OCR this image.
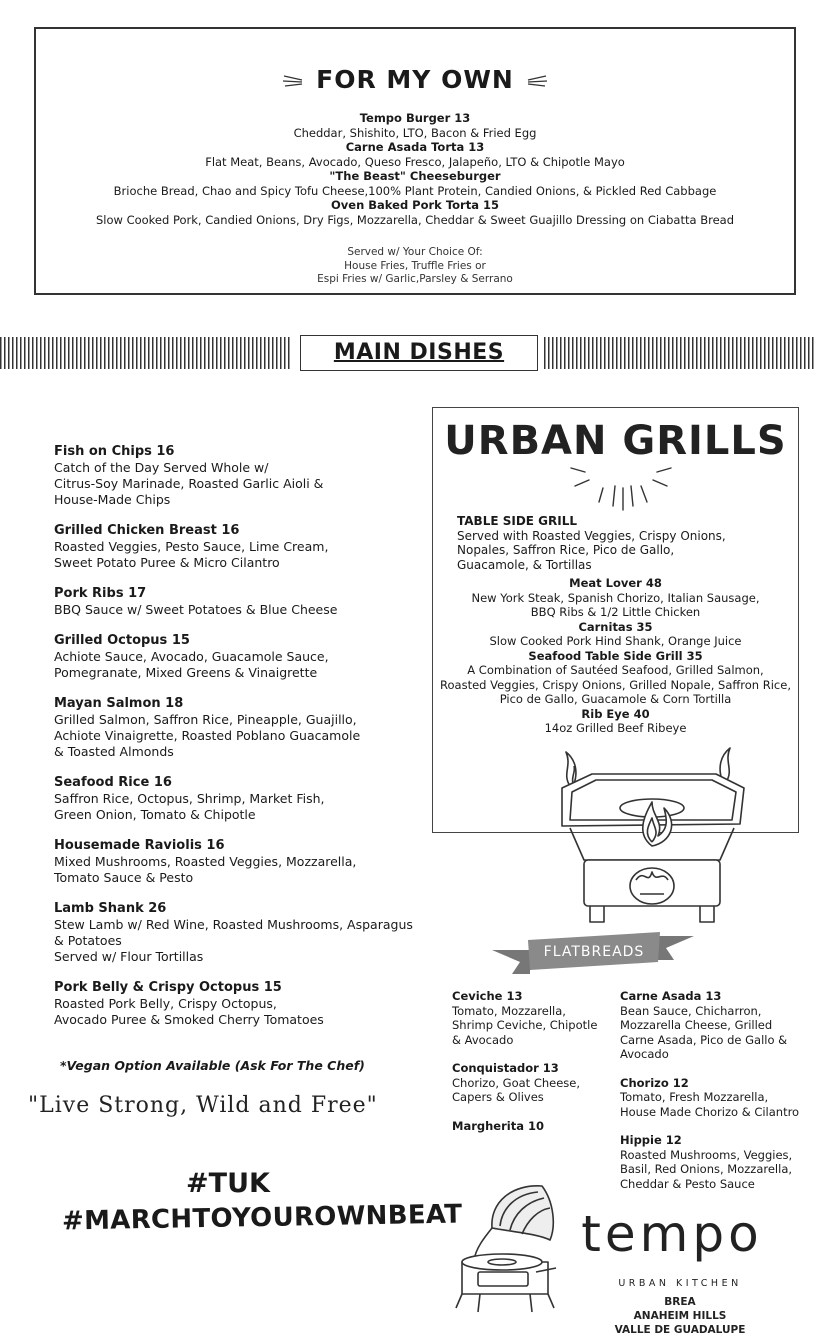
FOR MY OWN
Tempo Burger 13
Cheddar, Shishito, LTO, Bacon & Fried Egg
Carne Asada Torta 13
Flat Meat, Beans, Avocado, Queso Fresco, Jalapeño, LTO & Chipotle Mayo
"The Beast" Cheeseburger
Brioche Bread, Chao and Spicy Tofu Cheese,100% Plant Protein, Candied Onions, & Pickled Red Cabbage
Oven Baked Pork Torta 15
Slow Cooked Pork, Candied Onions, Dry Figs, Mozzarella, Cheddar & Sweet Guajillo Dressing on Ciabatta Bread
Served w/ Your Choice Of:
House Fries, Truffle Fries or
Espi Fries w/ Garlic,Parsley & Serrano
MAIN DISHES
Fish on Chips 16
Catch of the Day Served Whole w/
Citrus-Soy Marinade, Roasted Garlic Aioli &
House-Made Chips
Grilled Chicken Breast 16
Roasted Veggies, Pesto Sauce, Lime Cream,
Sweet Potato Puree & Micro Cilantro
Pork Ribs 17
BBQ Sauce w/ Sweet Potatoes & Blue Cheese
Grilled Octopus 15
Achiote Sauce, Avocado, Guacamole Sauce,
Pomegranate, Mixed Greens & Vinaigrette
Mayan Salmon 18
Grilled Salmon, Saffron Rice, Pineapple, Guajillo,
Achiote Vinaigrette, Roasted Poblano Guacamole
& Toasted Almonds
Seafood Rice 16
Saffron Rice, Octopus, Shrimp, Market Fish,
Green Onion, Tomato & Chipotle
Housemade Raviolis 16
Mixed Mushrooms, Roasted Veggies, Mozzarella,
Tomato Sauce & Pesto
Lamb Shank 26
Stew Lamb w/ Red Wine, Roasted Mushrooms, Asparagus
& Potatoes
Served w/ Flour Tortillas
Pork Belly & Crispy Octopus 15
Roasted Pork Belly, Crispy Octopus,
Avocado Puree & Smoked Cherry Tomatoes
*Vegan Option Available (Ask For The Chef)
"Live Strong, Wild and Free"
#TUK
#MARCHTOYOUROWNBEAT
URBAN GRILLS
TABLE SIDE GRILL
Served with Roasted Veggies, Crispy Onions,
Nopales, Saffron Rice, Pico de Gallo,
Guacamole, & Tortillas
Meat Lover 48
New York Steak, Spanish Chorizo, Italian Sausage,
BBQ Ribs & 1/2 Little Chicken
Carnitas 35
Slow Cooked Pork Hind Shank, Orange Juice
Seafood Table Side Grill 35
A Combination of Sautéed Seafood, Grilled Salmon,
Roasted Veggies, Crispy Onions, Grilled Nopale, Saffron Rice,
Pico de Gallo, Guacamole & Corn Tortilla
Rib Eye 40
14oz Grilled Beef Ribeye
FLATBREADS
Ceviche 13
Tomato, Mozzarella,
Shrimp Ceviche, Chipotle
& Avocado
Conquistador 13
Chorizo, Goat Cheese,
Capers & Olives
Margherita 10
Carne Asada 13
Bean Sauce, Chicharron,
Mozzarella Cheese, Grilled
Carne Asada, Pico de Gallo &
Avocado
Chorizo 12
Tomato, Fresh Mozzarella,
House Made Chorizo & Cilantro
Hippie 12
Roasted Mushrooms, Veggies,
Basil, Red Onions, Mozzarella,
Cheddar & Pesto Sauce
tempo
URBAN KITCHEN
BREA
ANAHEIM HILLS
VALLE DE GUADALUPE
